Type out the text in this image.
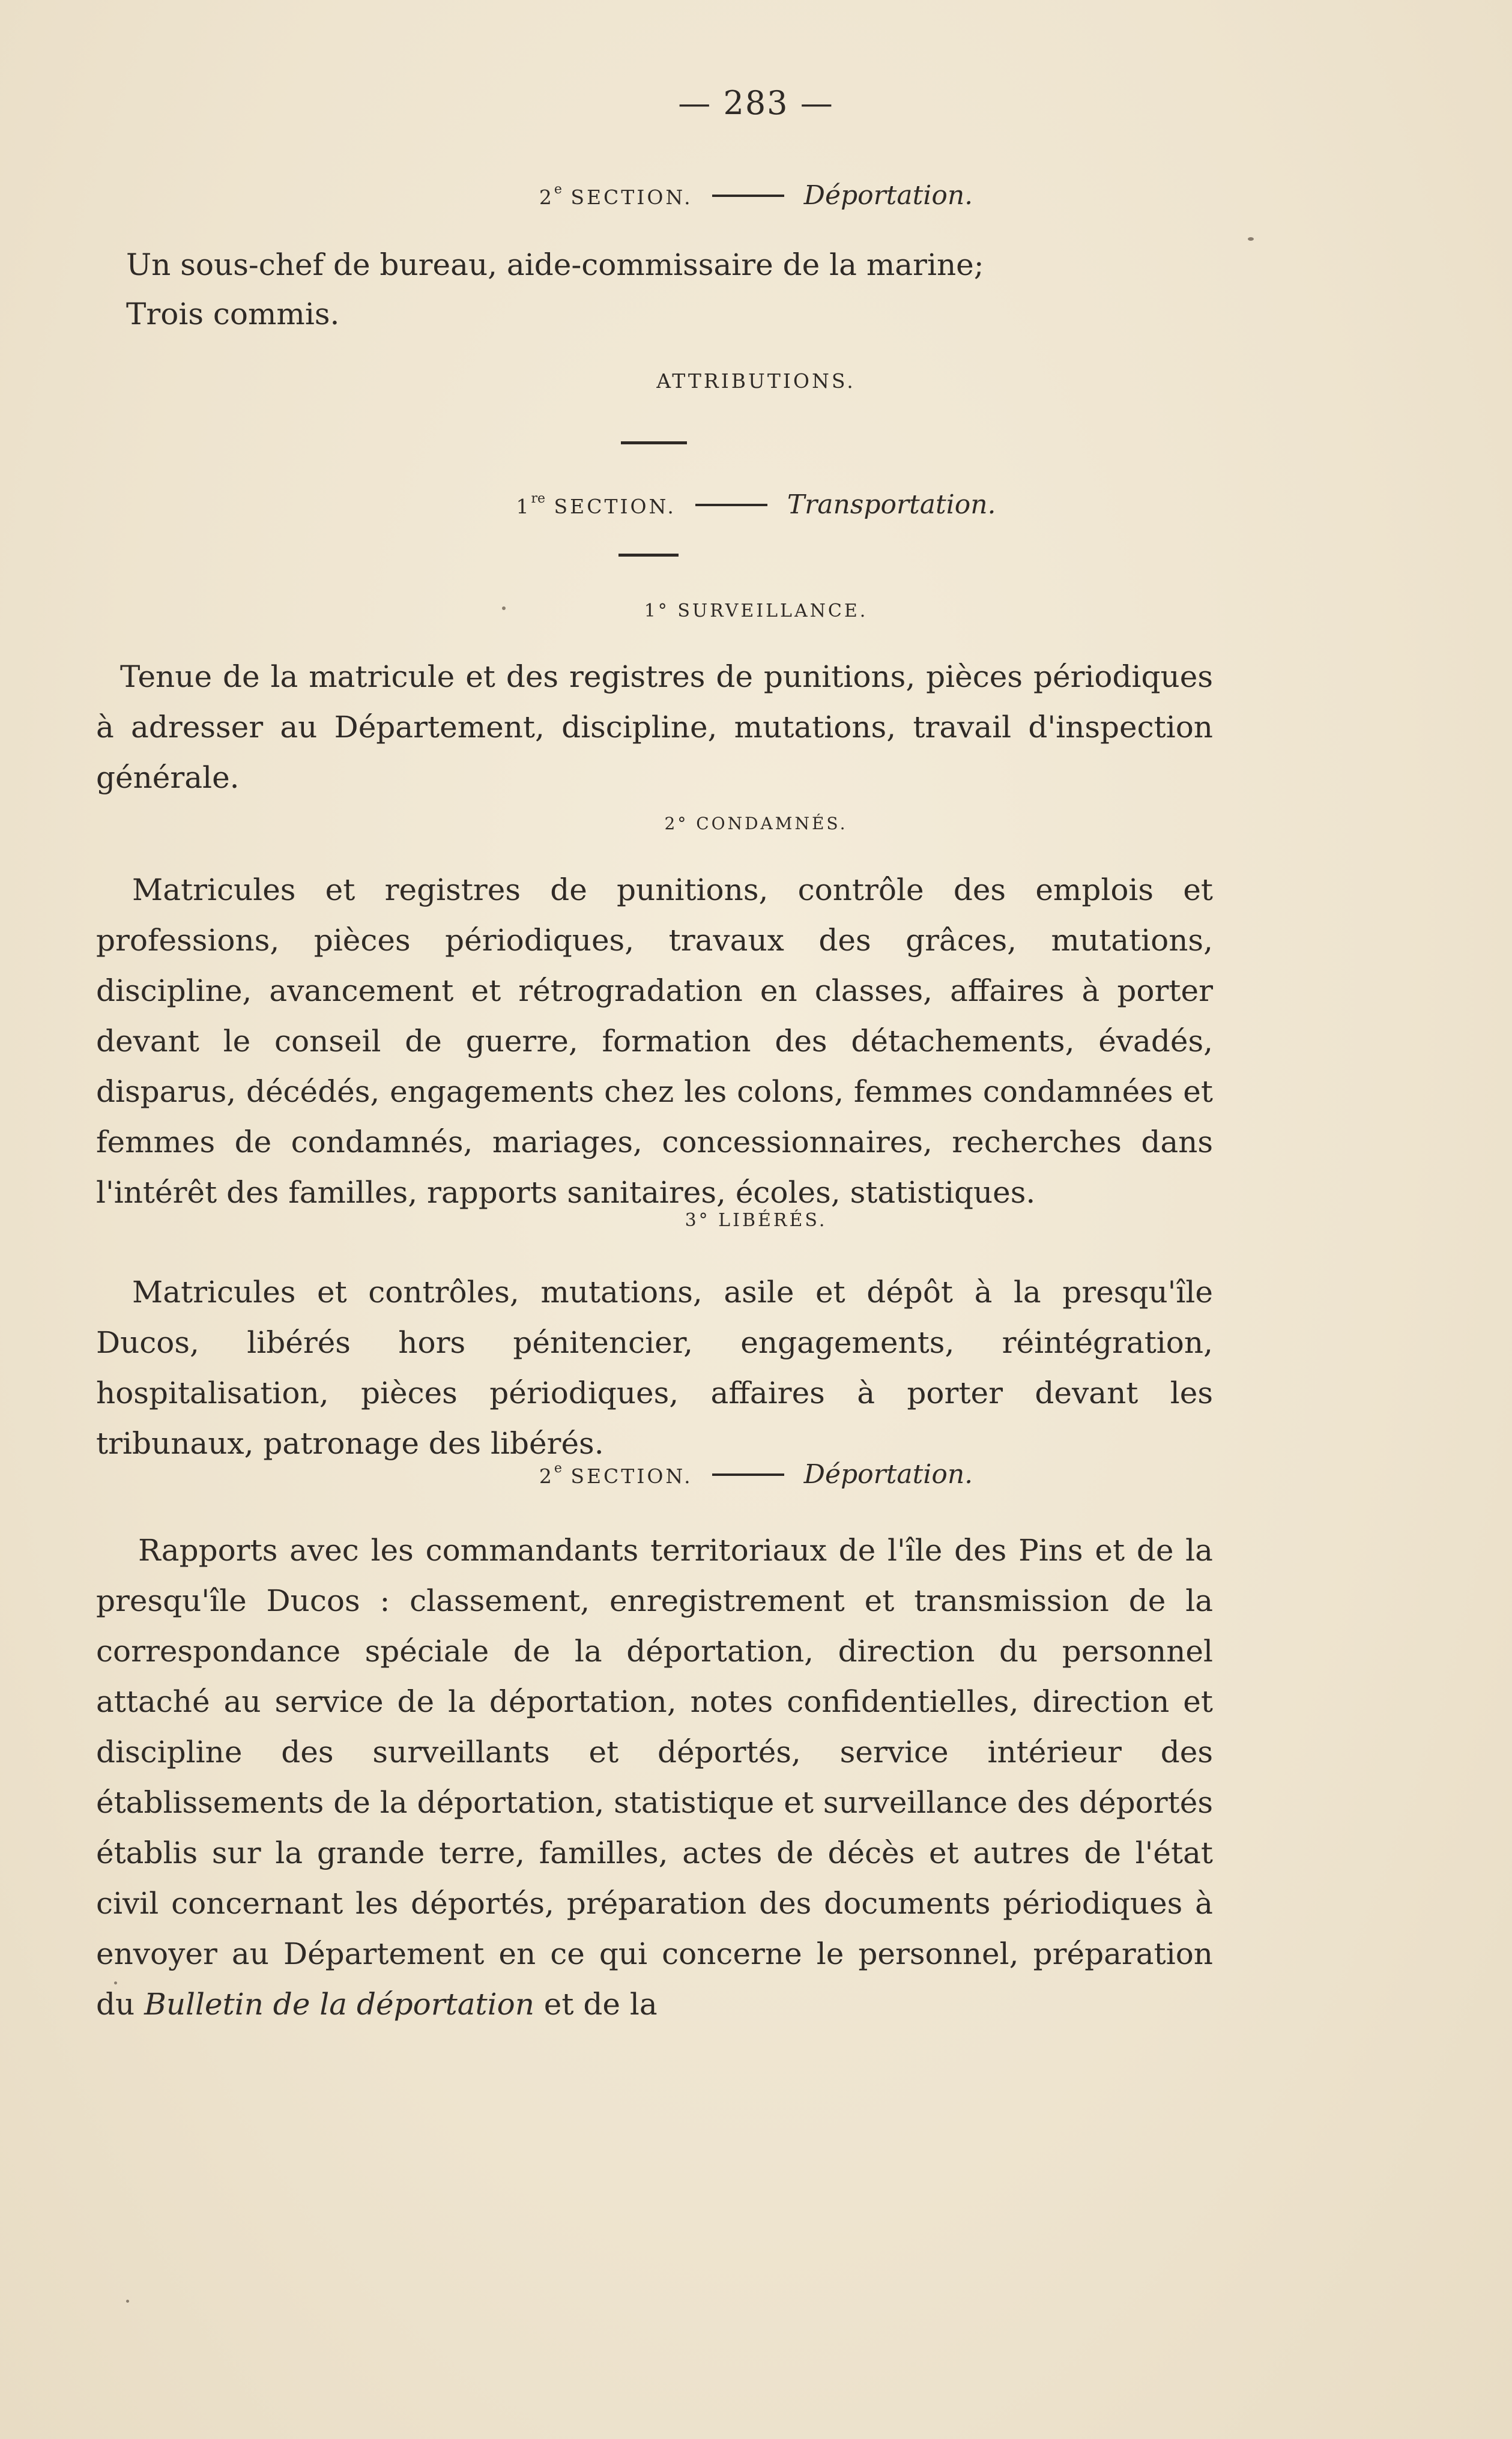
— 283 —
2e SECTION.	Déportation.
Un sous-chef de bureau, aide-commissaire de la marine;
Trois commis.
ATTRIBUTIONS.
1re SECTION.	Transportation.
1° SURVEILLANCE.
Tenue de la matricule et des registres de punitions, pièces périodiques à adresser au Département, discipline, mutations, travail d'inspection générale.
2° CONDAMNÉS.
Matricules et registres de punitions, contrôle des emplois et professions, pièces périodiques, travaux des grâces, mutations, discipline, avancement et rétrogradation en classes, affaires à porter devant le conseil de guerre, formation des détachements, évadés, disparus, décédés, engagements chez les colons, femmes condamnées et femmes de condamnés, mariages, concessionnaires, recherches dans l'intérêt des familles, rapports sanitaires, écoles, statistiques.
3° LIBÉRÉS.
Matricules et contrôles, mutations, asile et dépôt à la presqu'île Ducos, libérés hors pénitencier, engagements, réintégration, hospitalisation, pièces périodiques, affaires à porter devant les tribunaux, patronage des libérés.
2e SECTION.	Déportation.
Rapports avec les commandants territoriaux de l'île des Pins et de la presqu'île Ducos : classement, enregistrement et transmission de la correspondance spéciale de la déportation, direction du personnel attaché au service de la déportation, notes confidentielles, direction et discipline des surveillants et déportés, service intérieur des établissements de la déportation, statistique et surveillance des déportés établis sur la grande terre, familles, actes de décès et autres de l'état civil concernant les déportés, préparation des documents périodiques à envoyer au Département en ce qui concerne le personnel, préparation du Bulletin de la déportation et de la
